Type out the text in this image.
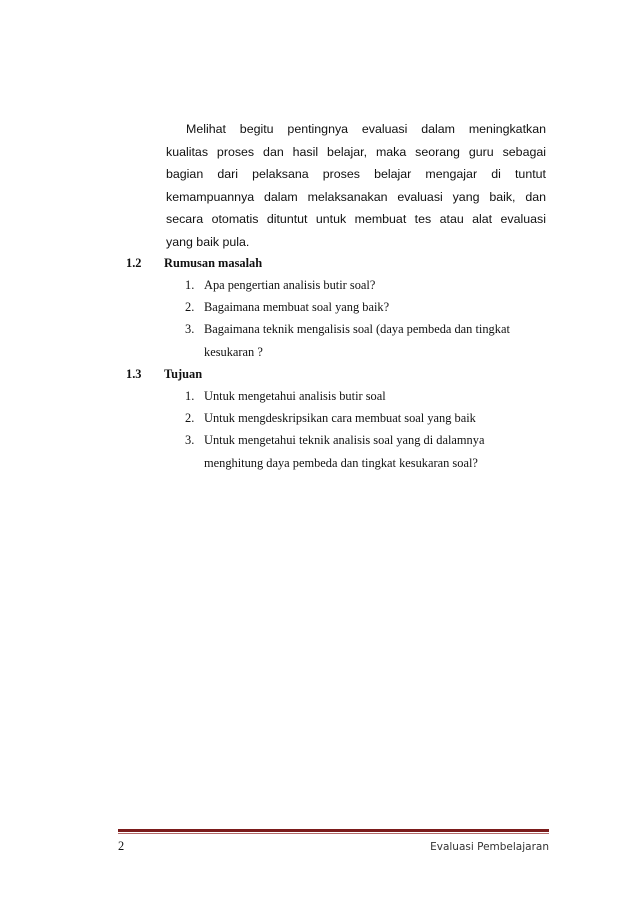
Melihat begitu pentingnya evaluasi dalam meningkatkan
kualitas proses dan hasil belajar, maka seorang guru sebagai
bagian dari pelaksana proses belajar mengajar di tuntut
kemampuannya dalam melaksanakan evaluasi yang baik, dan
secara otomatis dituntut untuk membuat tes atau alat evaluasi
yang baik pula.
1.2 Rumusan masalah
1. Apa pengertian analisis butir soal?
2. Bagaimana membuat soal yang baik?
3. Bagaimana teknik mengalisis soal (daya pembeda dan tingkat
kesukaran ?
1.3 Tujuan
1. Untuk mengetahui analisis butir soal
2. Untuk mengdeskripsikan cara membuat soal yang baik
3. Untuk mengetahui teknik analisis soal yang di dalamnya
menghitung daya pembeda dan tingkat kesukaran soal?
2	Evaluasi Pembelajaran
